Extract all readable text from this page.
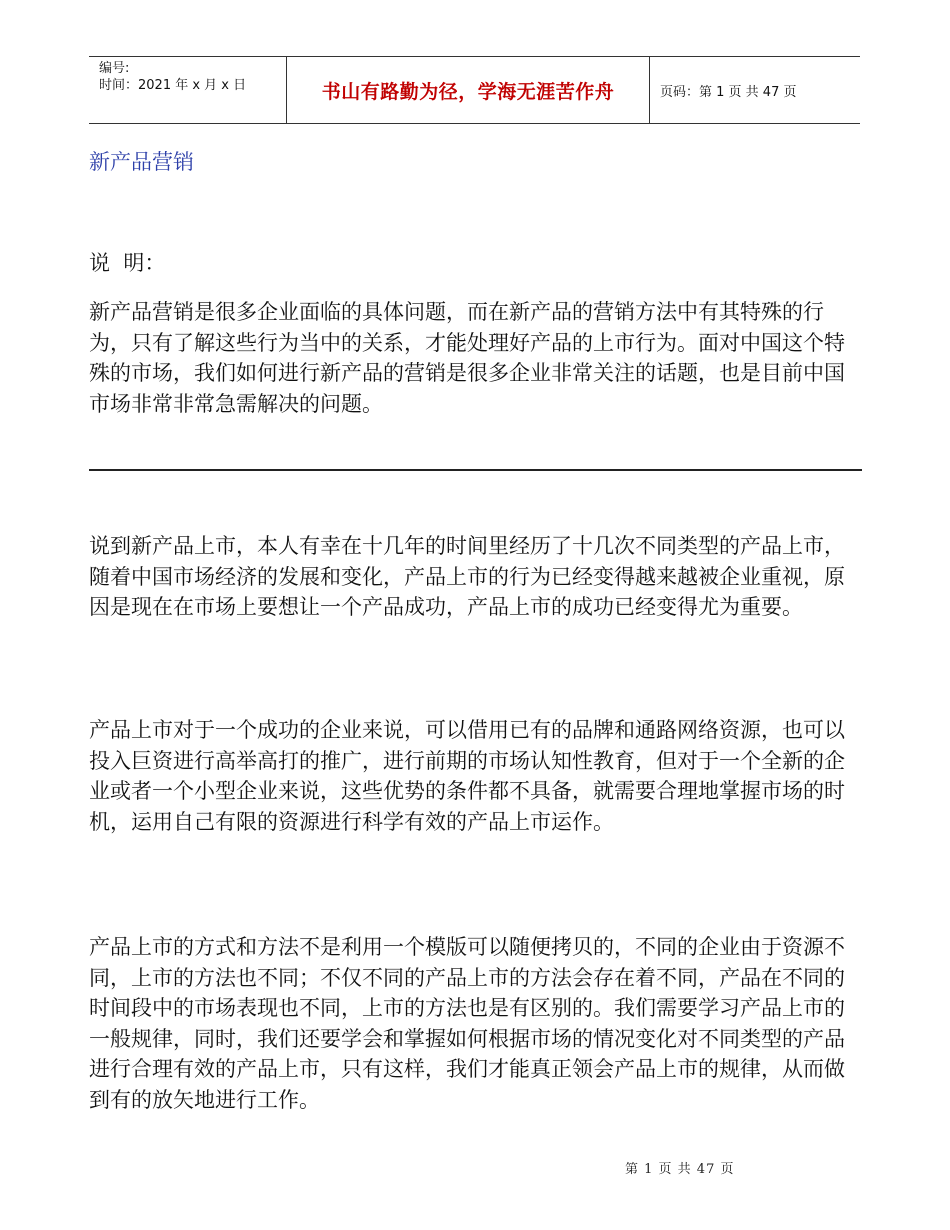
编号:
时间：2021 年 x 月 x 日	书山有路勤为径，学海无涯苦作舟	页码：第 1 页 共 47 页
新产品营销

说  明：

新产品营销是很多企业面临的具体问题，而在新产品的营销方法中有其特殊的行为，只有了解这些行为当中的关系，才能处理好产品的上市行为。面对中国这个特殊的市场，我们如何进行新产品的营销是很多企业非常关注的话题，也是目前中国市场非常非常急需解决的问题。

说到新产品上市，本人有幸在十几年的时间里经历了十几次不同类型的产品上市，随着中国市场经济的发展和变化，产品上市的行为已经变得越来越被企业重视，原因是现在在市场上要想让一个产品成功，产品上市的成功已经变得尤为重要。

产品上市对于一个成功的企业来说，可以借用已有的品牌和通路网络资源，也可以投入巨资进行高举高打的推广，进行前期的市场认知性教育，但对于一个全新的企业或者一个小型企业来说，这些优势的条件都不具备，就需要合理地掌握市场的时机，运用自己有限的资源进行科学有效的产品上市运作。

产品上市的方式和方法不是利用一个模版可以随便拷贝的，不同的企业由于资源不同，上市的方法也不同；不仅不同的产品上市的方法会存在着不同，产品在不同的时间段中的市场表现也不同，上市的方法也是有区别的。我们需要学习产品上市的一般规律，同时，我们还要学会和掌握如何根据市场的情况变化对不同类型的产品进行合理有效的产品上市，只有这样，我们才能真正领会产品上市的规律，从而做到有的放矢地进行工作。

第 1 页 共 47 页
